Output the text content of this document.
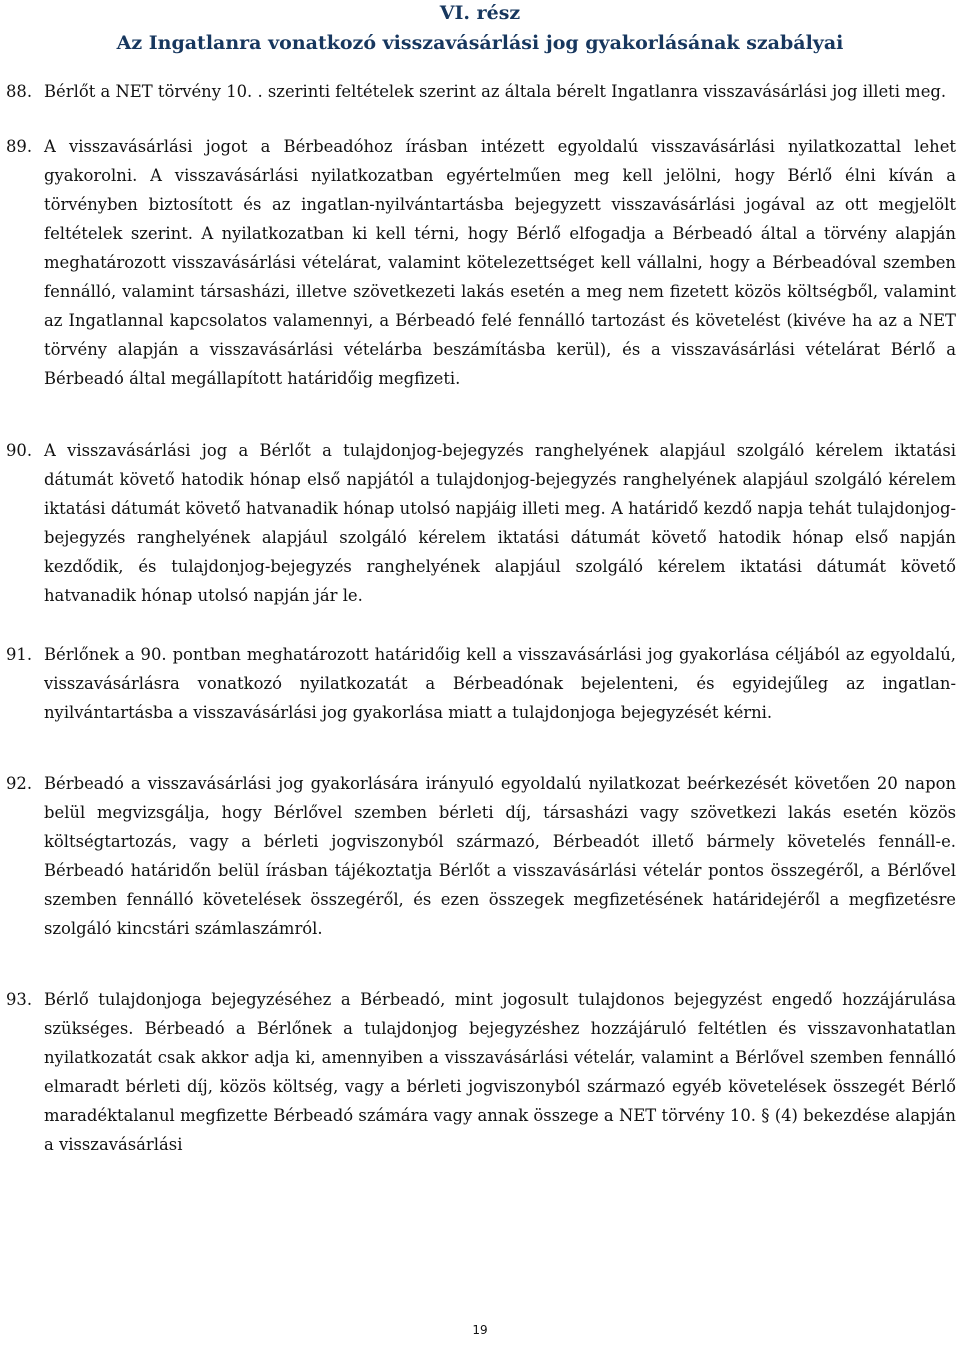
VI. rész
Az Ingatlanra vonatkozó visszavásárlási jog gyakorlásának szabályai
88. Bérlőt a NET törvény 10. . szerinti feltételek szerint az általa bérelt Ingatlanra visszavásárlási jog illeti meg.
89. A visszavásárlási jogot a Bérbeadóhoz írásban intézett egyoldalú visszavásárlási nyilatkozattal lehet gyakorolni. A visszavásárlási nyilatkozatban egyértelműen meg kell jelölni, hogy Bérlő élni kíván a törvényben biztosított és az ingatlan-nyilvántartásba bejegyzett visszavásárlási jogával az ott megjelölt feltételek szerint. A nyilatkozatban ki kell térni, hogy Bérlő elfogadja a Bérbeadó által a törvény alapján meghatározott visszavásárlási vételárat, valamint kötelezettséget kell vállalni, hogy a Bérbeadóval szemben fennálló, valamint társasházi, illetve szövetkezeti lakás esetén a meg nem fizetett közös költségből, valamint az Ingatlannal kapcsolatos valamennyi, a Bérbeadó felé fennálló tartozást és követelést (kivéve ha az a NET törvény alapján a visszavásárlási vételárba beszámításba kerül), és a visszavásárlási vételárat Bérlő a Bérbeadó által megállapított határidőig megfizeti.
90. A visszavásárlási jog a Bérlőt a tulajdonjog-bejegyzés ranghelyének alapjául szolgáló kérelem iktatási dátumát követő hatodik hónap első napjától a tulajdonjog-bejegyzés ranghelyének alapjául szolgáló kérelem iktatási dátumát követő hatvanadik hónap utolsó napjáig illeti meg. A határidő kezdő napja tehát tulajdonjog-bejegyzés ranghelyének alapjául szolgáló kérelem iktatási dátumát követő hatodik hónap első napján kezdődik, és tulajdonjog-bejegyzés ranghelyének alapjául szolgáló kérelem iktatási dátumát követő hatvanadik hónap utolsó napján jár le.
91. Bérlőnek a 90. pontban meghatározott határidőig kell a visszavásárlási jog gyakorlása céljából az egyoldalú, visszavásárlásra vonatkozó nyilatkozatát a Bérbeadónak bejelenteni, és egyidejűleg az ingatlan-nyilvántartásba a visszavásárlási jog gyakorlása miatt a tulajdonjoga bejegyzését kérni.
92. Bérbeadó a visszavásárlási jog gyakorlására irányuló egyoldalú nyilatkozat beérkezését követően 20 napon belül megvizsgálja, hogy Bérlővel szemben bérleti díj, társasházi vagy szövetkezi lakás esetén közös költségtartozás, vagy a bérleti jogviszonyból származó, Bérbeadót illető bármely követelés fennáll-e. Bérbeadó határidőn belül írásban tájékoztatja Bérlőt a visszavásárlási vételár pontos összegéről, a Bérlővel szemben fennálló követelések összegéről, és ezen összegek megfizetésének határidejéről a megfizetésre szolgáló kincstári számlaszámról.
93. Bérlő tulajdonjoga bejegyzéséhez a Bérbeadó, mint jogosult tulajdonos bejegyzést engedő hozzájárulása szükséges. Bérbeadó a Bérlőnek a tulajdonjog bejegyzéshez hozzájáruló feltétlen és visszavonhatatlan nyilatkozatát csak akkor adja ki, amennyiben a visszavásárlási vételár, valamint a Bérlővel szemben fennálló elmaradt bérleti díj, közös költség, vagy a bérleti jogviszonyból származó egyéb követelések összegét Bérlő maradéktalanul megfizette Bérbeadó számára vagy annak összege a NET törvény 10. § (4) bekezdése alapján a visszavásárlási
19
